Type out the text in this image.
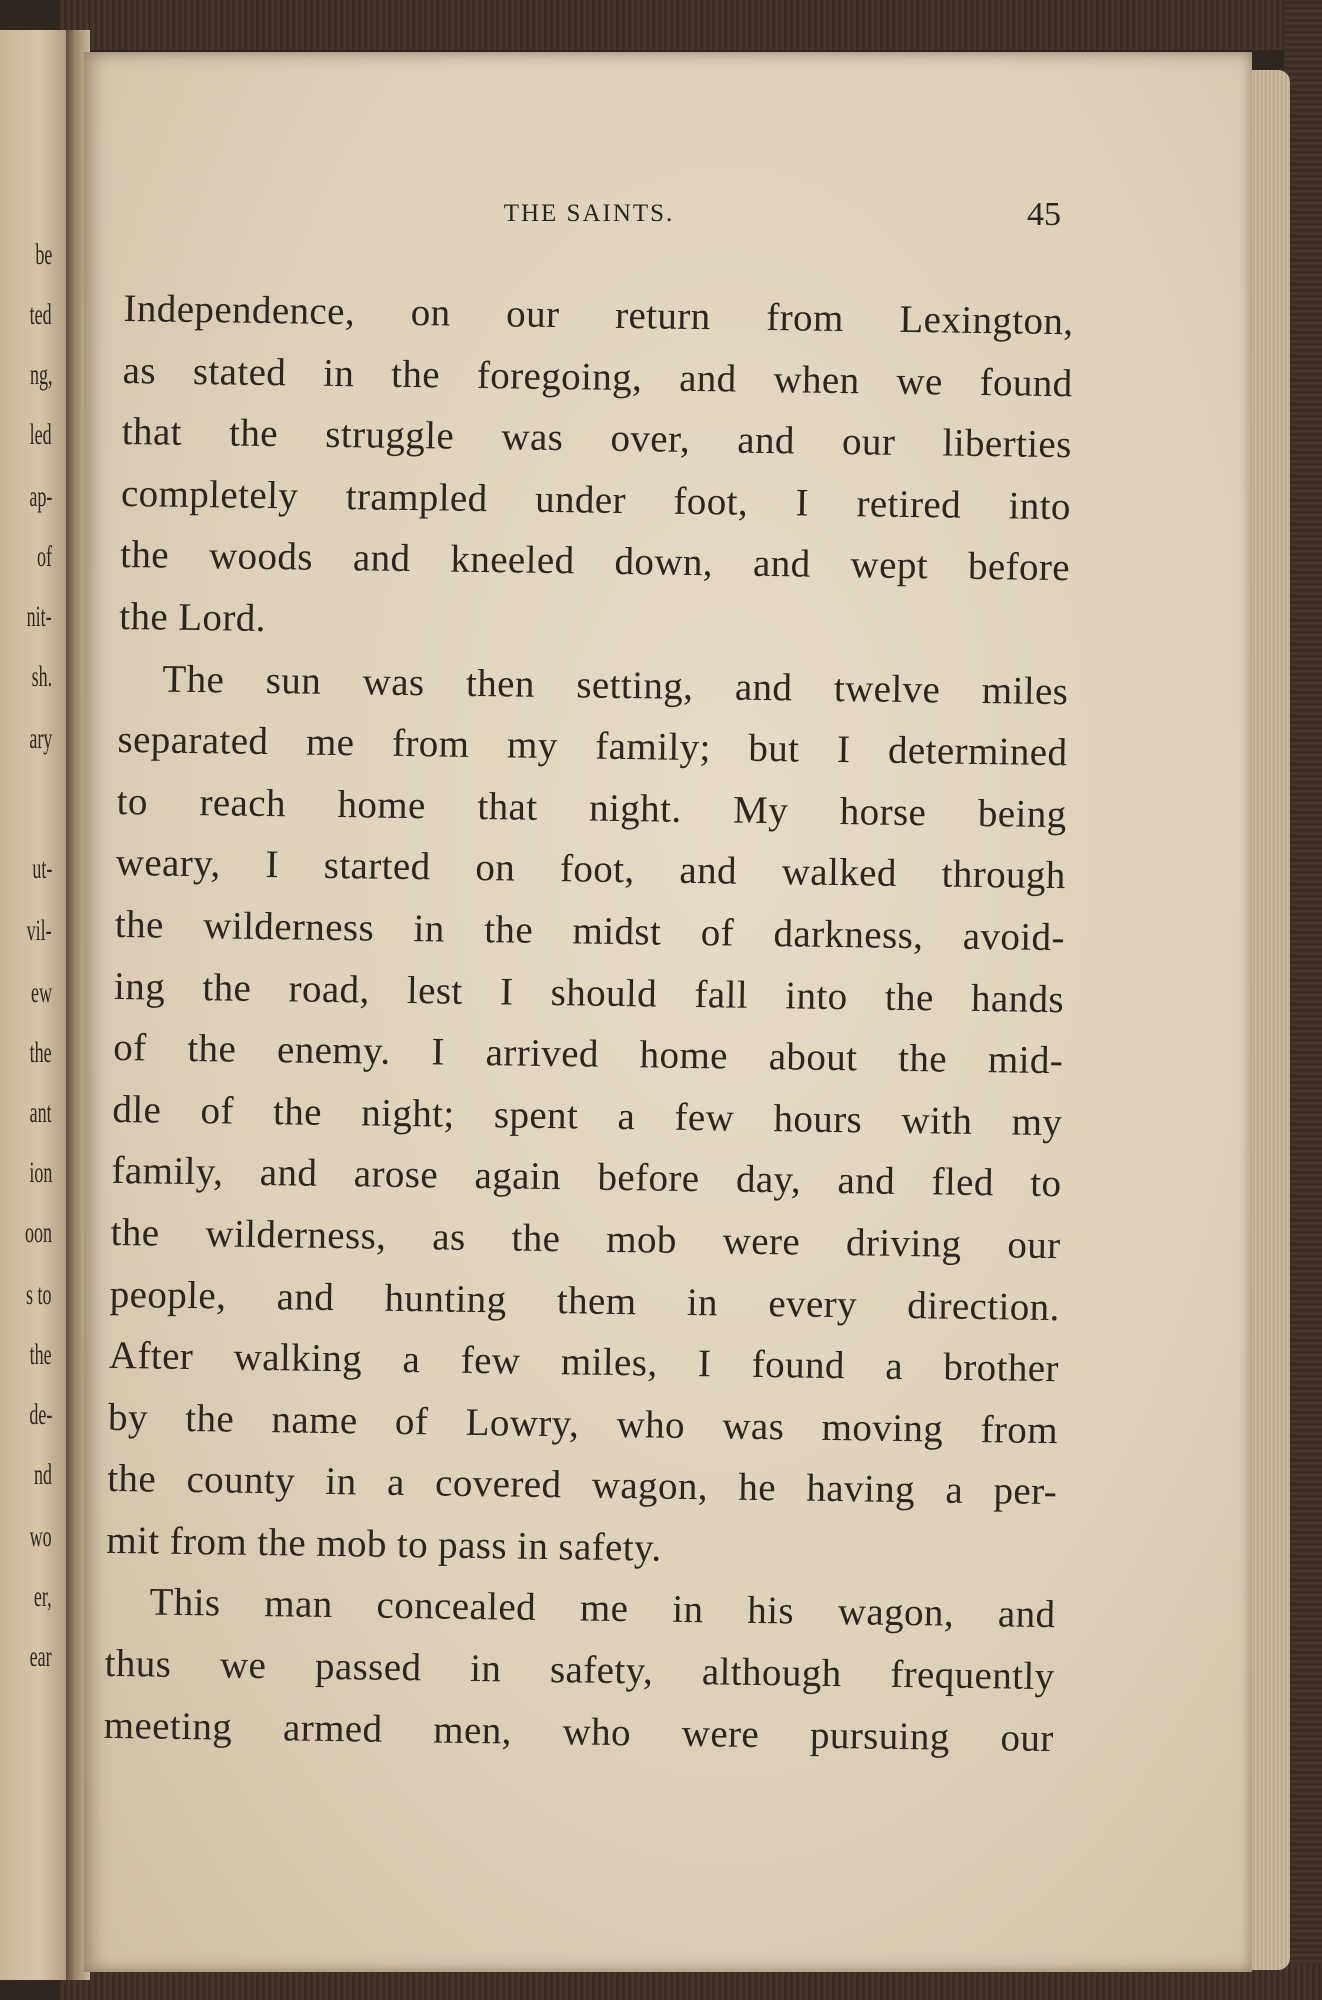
be
ted
ng,
led
ap-
of
nit-
sh.
ary
ut-
vil-
ew
the
ant
ion
oon
s to
the
de-
nd
wo
er,
ear
THE SAINTS.	45
Independence, on our return from Lexington,
as stated in the foregoing, and when we found
that the struggle was over, and our liberties
completely trampled under foot, I retired into
the woods and kneeled down, and wept before
the Lord.
The sun was then setting, and twelve miles
separated me from my family; but I determined
to reach home that night. My horse being
weary, I started on foot, and walked through
the wilderness in the midst of darkness, avoid-
ing the road, lest I should fall into the hands
of the enemy. I arrived home about the mid-
dle of the night; spent a few hours with my
family, and arose again before day, and fled to
the wilderness, as the mob were driving our
people, and hunting them in every direction.
After walking a few miles, I found a brother
by the name of Lowry, who was moving from
the county in a covered wagon, he having a per-
mit from the mob to pass in safety.
This man concealed me in his wagon, and
thus we passed in safety, although frequently
meeting armed men, who were pursuing our
